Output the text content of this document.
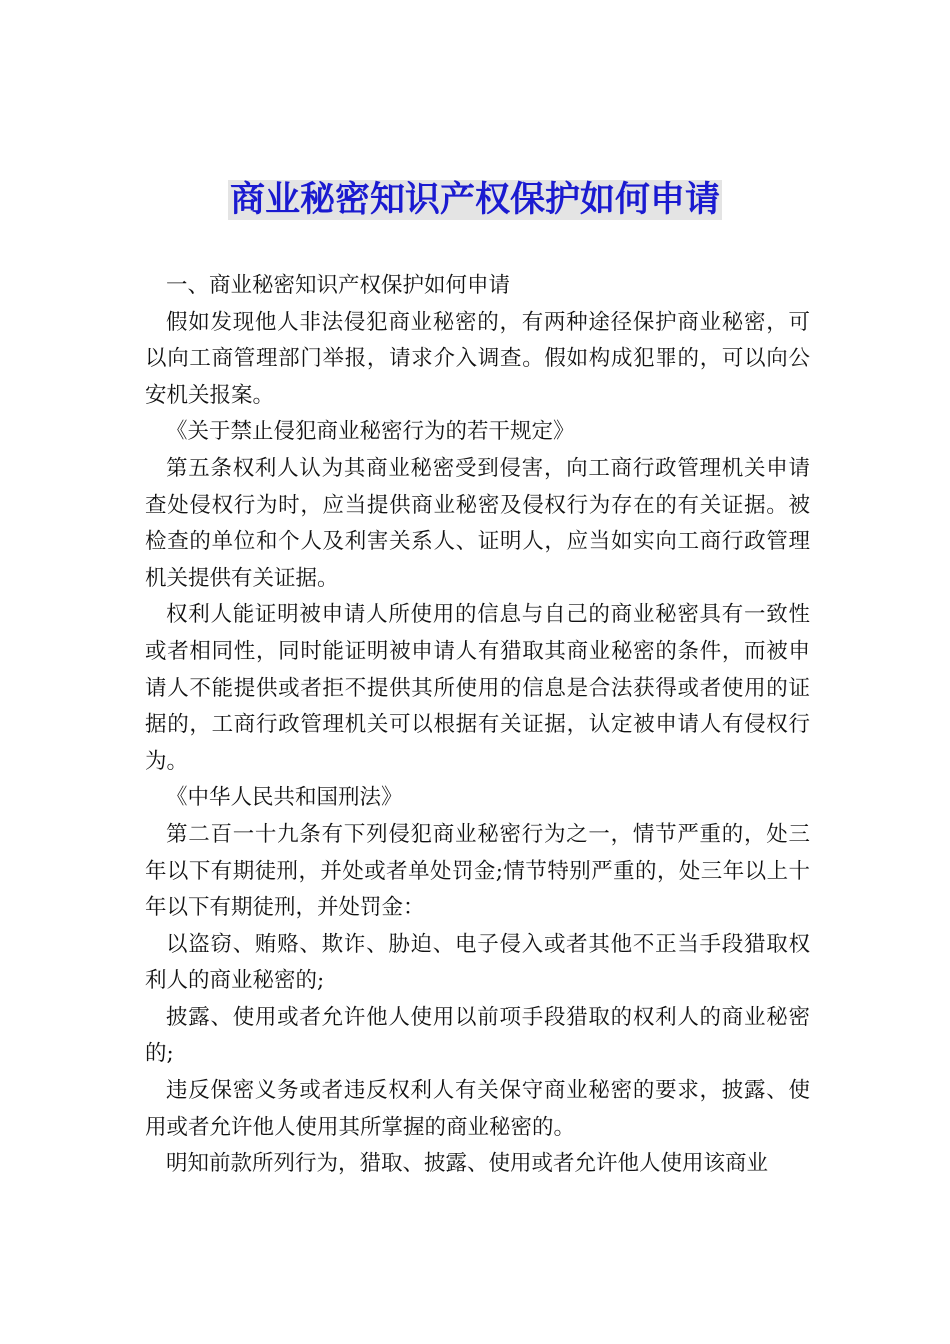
商业秘密知识产权保护如何申请

一、商业秘密知识产权保护如何申请

假如发现他人非法侵犯商业秘密的，有两种途径保护商业秘密，可以向工商管理部门举报，请求介入调查。假如构成犯罪的，可以向公安机关报案。

《关于禁止侵犯商业秘密行为的若干规定》

第五条权利人认为其商业秘密受到侵害，向工商行政管理机关申请查处侵权行为时，应当提供商业秘密及侵权行为存在的有关证据。被检查的单位和个人及利害关系人、证明人，应当如实向工商行政管理机关提供有关证据。

权利人能证明被申请人所使用的信息与自己的商业秘密具有一致性或者相同性，同时能证明被申请人有猎取其商业秘密的条件，而被申请人不能提供或者拒不提供其所使用的信息是合法获得或者使用的证据的，工商行政管理机关可以根据有关证据，认定被申请人有侵权行为。

《中华人民共和国刑法》

第二百一十九条有下列侵犯商业秘密行为之一，情节严重的，处三年以下有期徒刑，并处或者单处罚金;情节特别严重的，处三年以上十年以下有期徒刑，并处罚金：

以盗窃、贿赂、欺诈、胁迫、电子侵入或者其他不正当手段猎取权利人的商业秘密的;

披露、使用或者允许他人使用以前项手段猎取的权利人的商业秘密的;

违反保密义务或者违反权利人有关保守商业秘密的要求，披露、使用或者允许他人使用其所掌握的商业秘密的。

明知前款所列行为，猎取、披露、使用或者允许他人使用该商业
